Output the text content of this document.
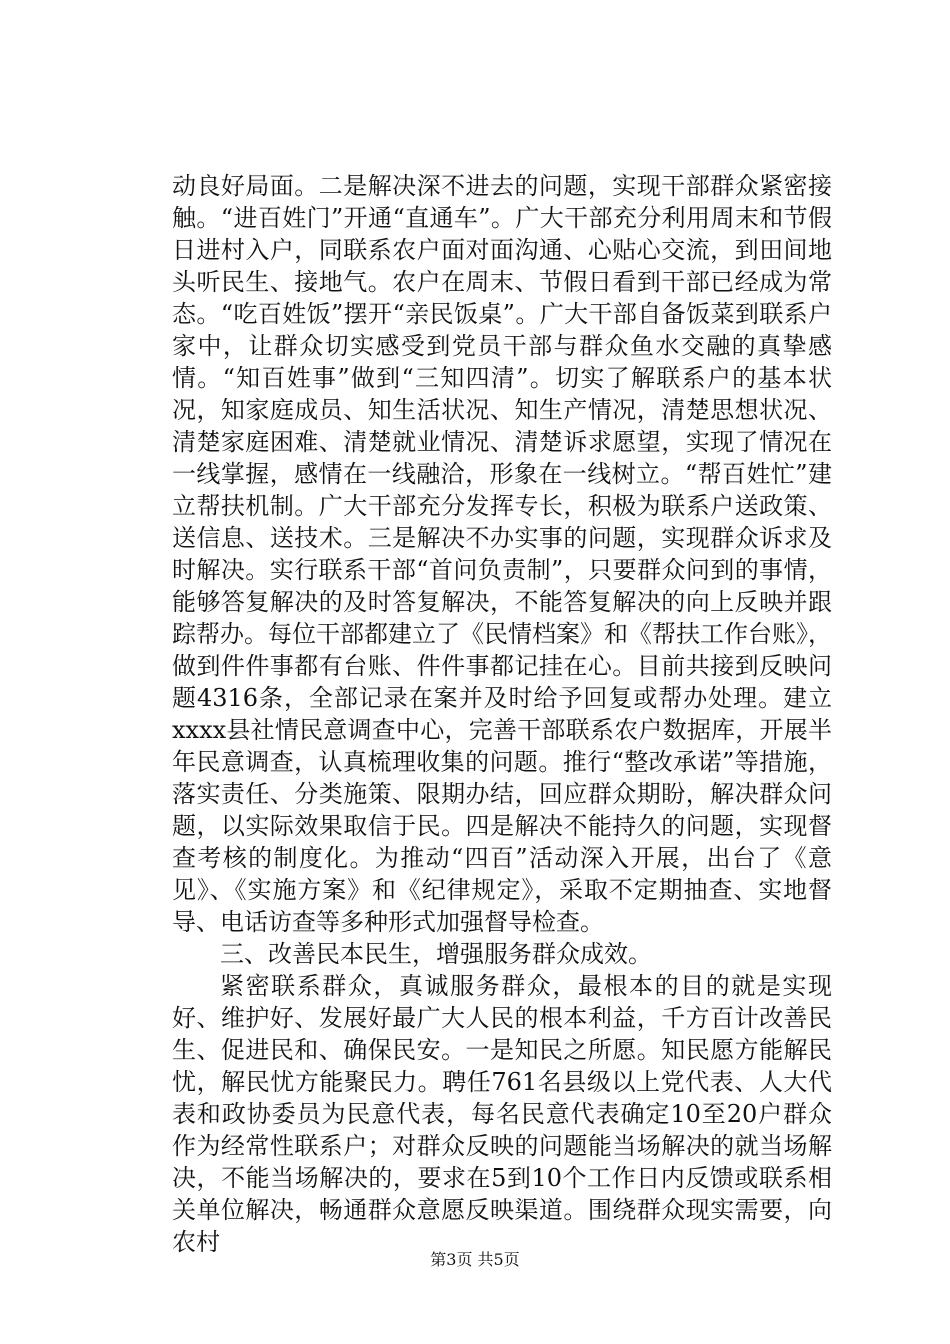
动良好局面。二是解决深不进去的问题，实现干部群众紧密接触。“进百姓门”开通“直通车”。广大干部充分利用周末和节假日进村入户，同联系农户面对面沟通、心贴心交流，到田间地头听民生、接地气。农户在周末、节假日看到干部已经成为常态。“吃百姓饭”摆开“亲民饭桌”。广大干部自备饭菜到联系户家中，让群众切实感受到党员干部与群众鱼水交融的真挚感情。“知百姓事”做到“三知四清”。切实了解联系户的基本状况，知家庭成员、知生活状况、知生产情况，清楚思想状况、清楚家庭困难、清楚就业情况、清楚诉求愿望，实现了情况在一线掌握，感情在一线融洽，形象在一线树立。“帮百姓忙”建立帮扶机制。广大干部充分发挥专长，积极为联系户送政策、送信息、送技术。三是解决不办实事的问题，实现群众诉求及时解决。实行联系干部“首问负责制”，只要群众问到的事情，能够答复解决的及时答复解决，不能答复解决的向上反映并跟踪帮办。每位干部都建立了《民情档案》和《帮扶工作台账》，做到件件事都有台账、件件事都记挂在心。目前共接到反映问题4316条，全部记录在案并及时给予回复或帮办处理。建立xxxx县社情民意调查中心，完善干部联系农户数据库，开展半年民意调查，认真梳理收集的问题。推行“整改承诺”等措施，落实责任、分类施策、限期办结，回应群众期盼，解决群众问题，以实际效果取信于民。四是解决不能持久的问题，实现督查考核的制度化。为推动“四百”活动深入开展，出台了《意见》、《实施方案》和《纪律规定》，采取不定期抽查、实地督导、电话访查等多种形式加强督导检查。

三、改善民本民生，增强服务群众成效。

紧密联系群众，真诚服务群众，最根本的目的就是实现好、维护好、发展好最广大人民的根本利益，千方百计改善民生、促进民和、确保民安。一是知民之所愿。知民愿方能解民忧，解民忧方能聚民力。聘任761名县级以上党代表、人大代表和政协委员为民意代表，每名民意代表确定10至20户群众作为经常性联系户；对群众反映的问题能当场解决的就当场解决，不能当场解决的，要求在5到10个工作日内反馈或联系相关单位解决，畅通群众意愿反映渠道。围绕群众现实需要，向农村

第3页 共5页
